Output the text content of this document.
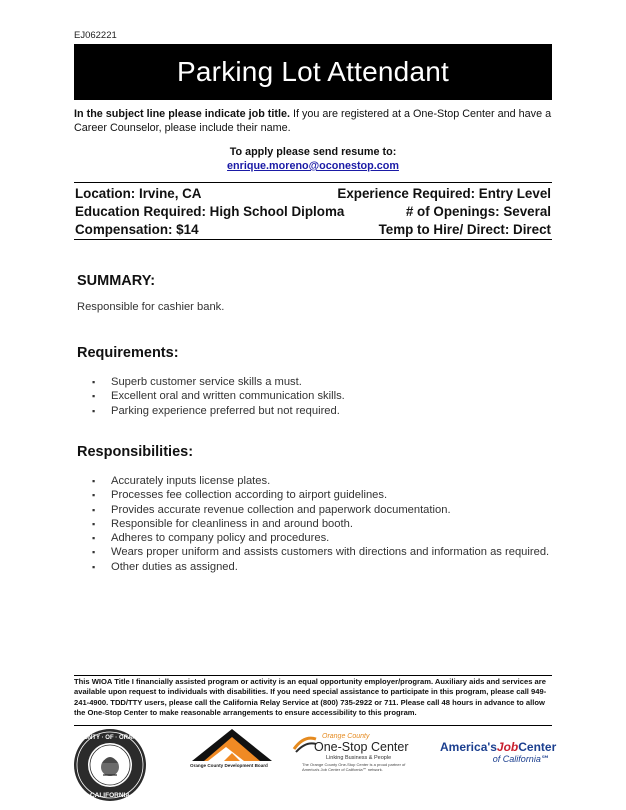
EJ062221
Parking Lot Attendant
In the subject line please indicate job title. If you are registered at a One-Stop Center and have a Career Counselor, please include their name.
To apply please send resume to:
enrique.moreno@oconestop.com
Location: Irvine, CA	Experience Required: Entry Level
Education Required: High School Diploma	# of Openings: Several
Compensation: $14	Temp to Hire/ Direct: Direct
SUMMARY:
Responsible for cashier bank.
Requirements:
▪ Superb customer service skills a must.
▪ Excellent oral and written communication skills.
▪ Parking experience preferred but not required.
Responsibilities:
▪ Accurately inputs license plates.
▪ Processes fee collection according to airport guidelines.
▪ Provides accurate revenue collection and paperwork documentation.
▪ Responsible for cleanliness in and around booth.
▪ Adheres to company policy and procedures.
▪ Wears proper uniform and assists customers with directions and information as required.
▪ Other duties as assigned.
This WIOA Title I financially assisted program or activity is an equal opportunity employer/program. Auxiliary aids and services are available upon request to individuals with disabilities. If you need special assistance to participate in this program, please call 949-241-4900. TDD/TTY users, please call the California Relay Service at (800) 735-2922 or 711. Please call 48 hours in advance to allow the One-Stop Center to make reasonable arrangements to ensure accessibility to this program.
COUNTY · OF · ORANGE
CALIFORNIA
Orange County Development Board
Orange County
One-Stop Center
Linking Business & People
The Orange County One-Stop Center is a proud partner of America's Job Center of California℠ network.
America'sJobCenter
of California℠
